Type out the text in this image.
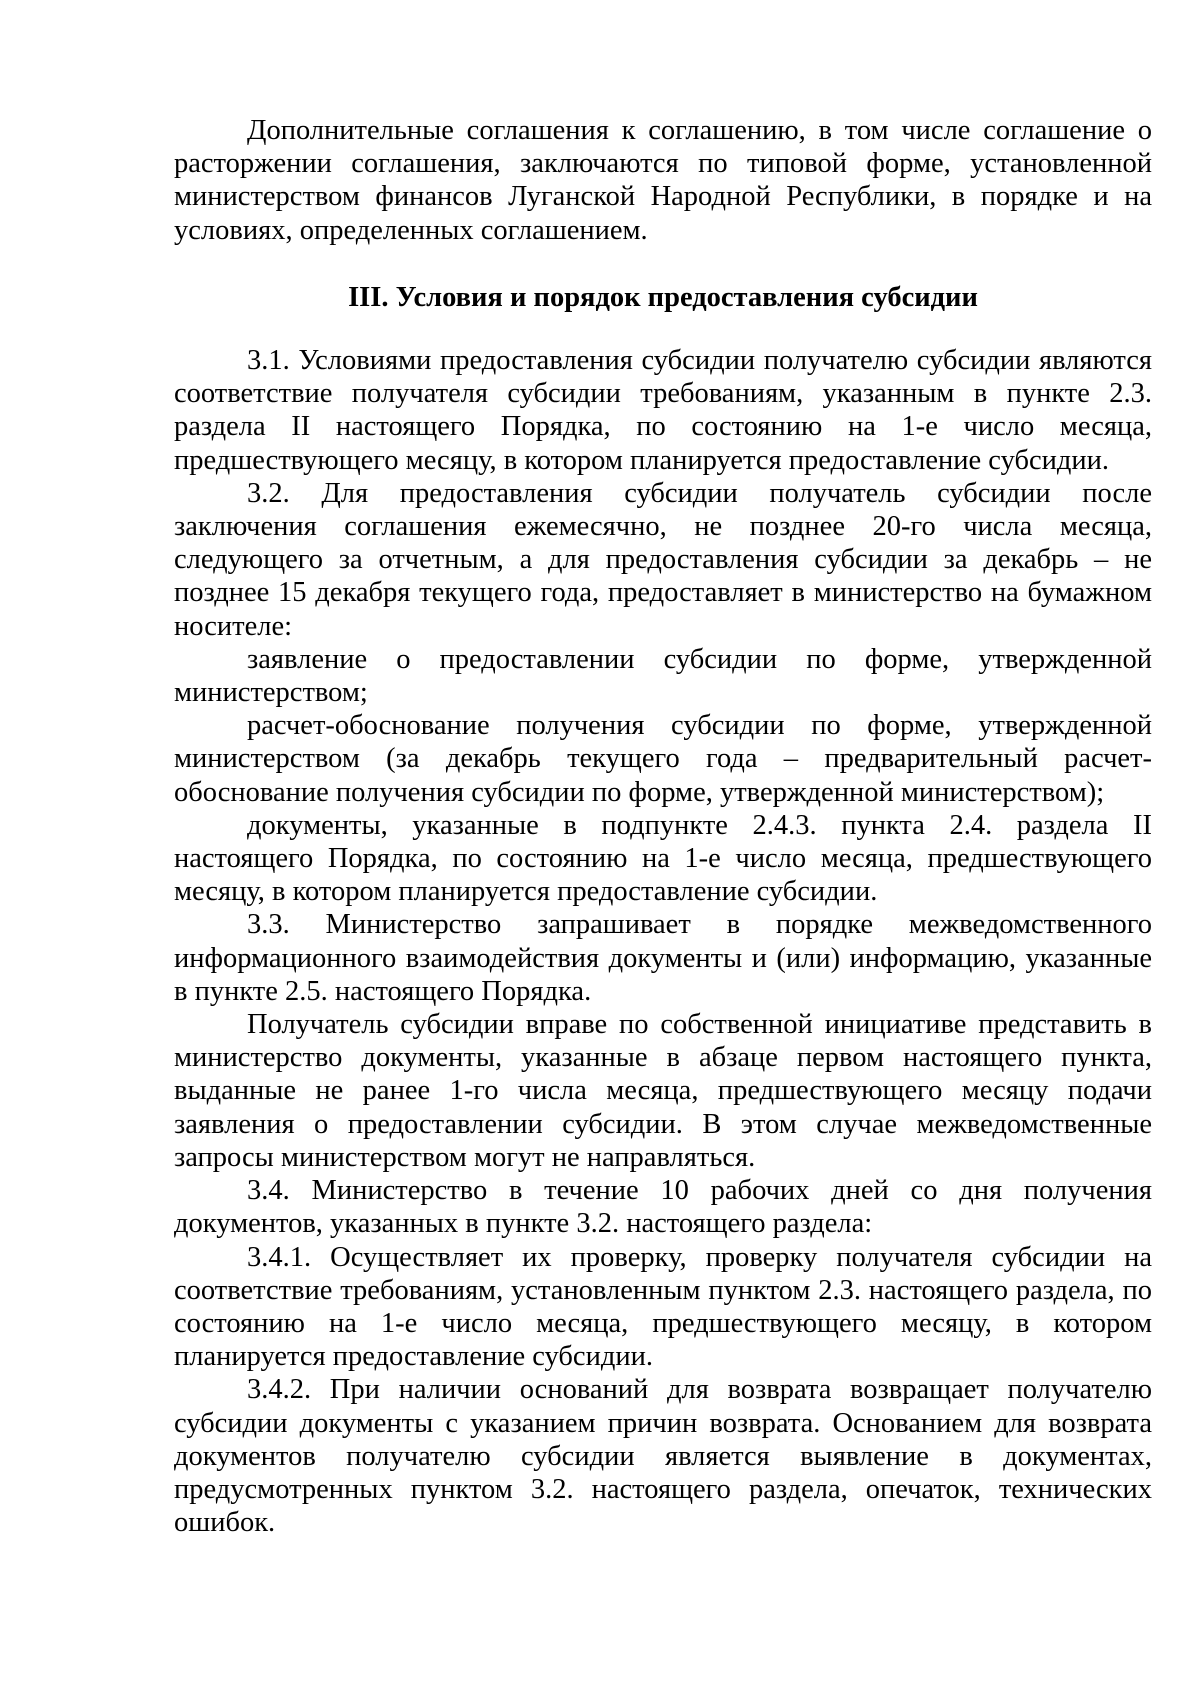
Дополнительные соглашения к соглашению, в том числе соглашение о расторжении соглашения, заключаются по типовой форме, установленной министерством финансов Луганской Народной Республики, в порядке и на условиях, определенных соглашением.

III. Условия и порядок предоставления субсидии

3.1. Условиями предоставления субсидии получателю субсидии являются соответствие получателя субсидии требованиям, указанным в пункте 2.3. раздела II настоящего Порядка, по состоянию на 1-е число месяца, предшествующего месяцу, в котором планируется предоставление субсидии.

3.2. Для предоставления субсидии получатель субсидии после заключения соглашения ежемесячно, не позднее 20-го числа месяца, следующего за отчетным, а для предоставления субсидии за декабрь – не позднее 15 декабря текущего года, предоставляет в министерство на бумажном носителе:

заявление о предоставлении субсидии по форме, утвержденной министерством;

расчет-обоснование получения субсидии по форме, утвержденной министерством (за декабрь текущего года – предварительный расчет-обоснование получения субсидии по форме, утвержденной министерством);

документы, указанные в подпункте 2.4.3. пункта 2.4. раздела II настоящего Порядка, по состоянию на 1-е число месяца, предшествующего месяцу, в котором планируется предоставление субсидии.

3.3. Министерство запрашивает в порядке межведомственного информационного взаимодействия документы и (или) информацию, указанные в пункте 2.5. настоящего Порядка.

Получатель субсидии вправе по собственной инициативе представить в министерство документы, указанные в абзаце первом настоящего пункта, выданные не ранее 1-го числа месяца, предшествующего месяцу подачи заявления о предоставлении субсидии. В этом случае межведомственные запросы министерством могут не направляться.

3.4. Министерство в течение 10 рабочих дней со дня получения документов, указанных в пункте 3.2. настоящего раздела:

3.4.1. Осуществляет их проверку, проверку получателя субсидии на соответствие требованиям, установленным пунктом 2.3. настоящего раздела, по состоянию на 1-е число месяца, предшествующего месяцу, в котором планируется предоставление субсидии.

3.4.2. При наличии оснований для возврата возвращает получателю субсидии документы с указанием причин возврата. Основанием для возврата документов получателю субсидии является выявление в документах, предусмотренных пунктом 3.2. настоящего раздела, опечаток, технических ошибок.
